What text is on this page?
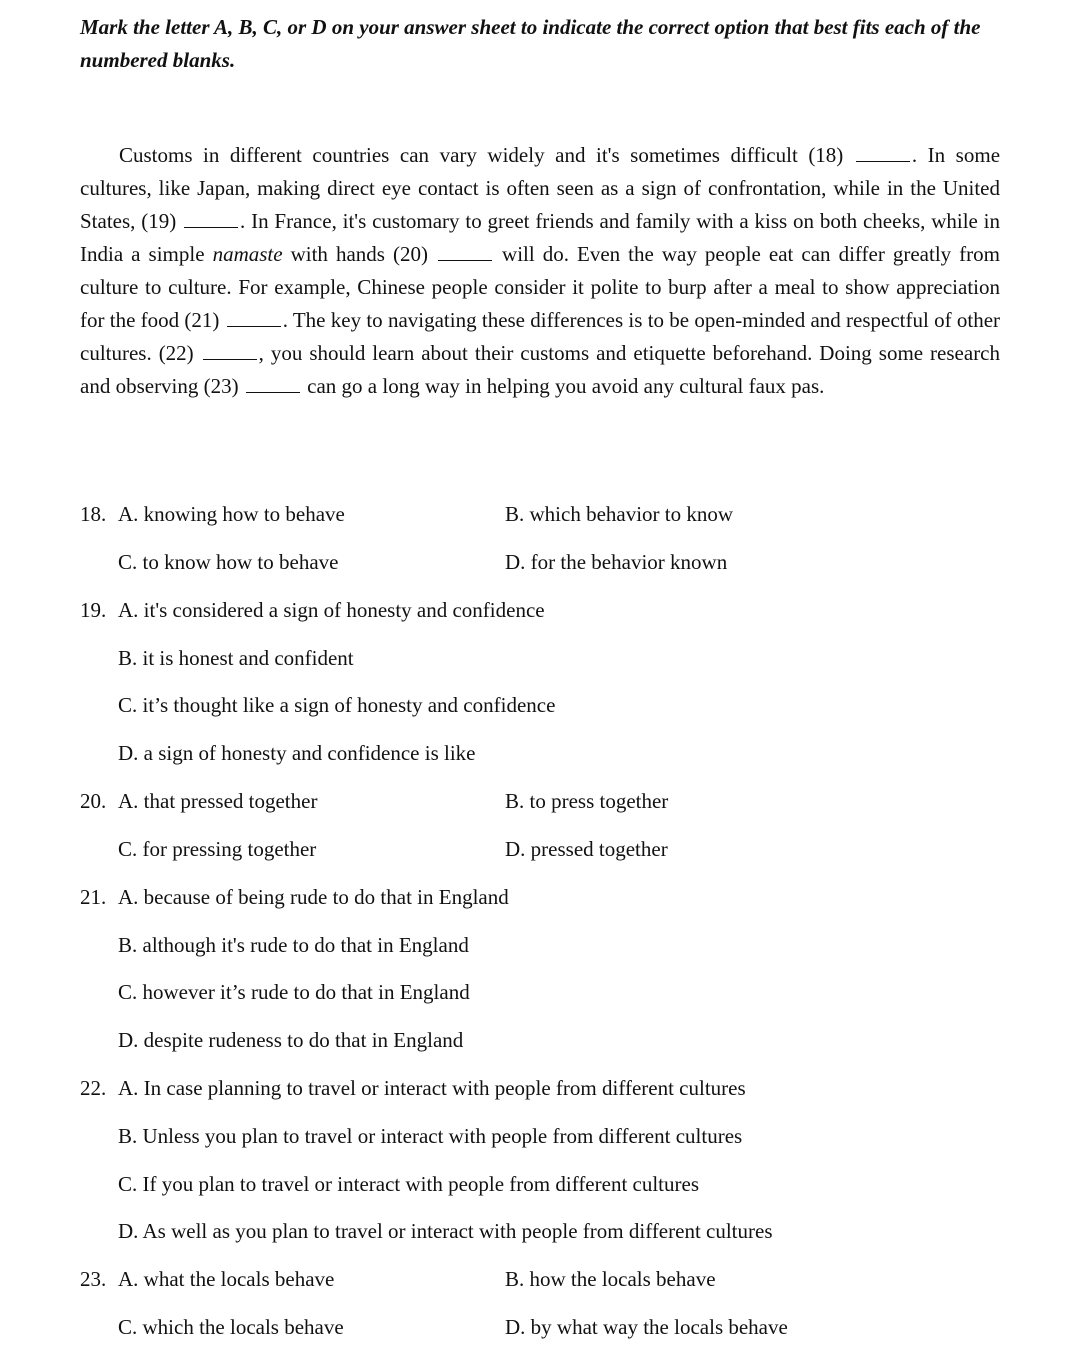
Mark the letter A, B, C, or D on your answer sheet to indicate the correct option that best fits each of the numbered blanks.

Customs in different countries can vary widely and it's sometimes difficult (18)	. In some cultures, like Japan, making direct eye contact is often seen as a sign of confrontation, while in the United States, (19)	. In France, it's customary to greet friends and family with a kiss on both cheeks, while in India a simple namaste with hands (20)	will do. Even the way people eat can differ greatly from culture to culture. For example, Chinese people consider it polite to burp after a meal to show appreciation for the food (21)	. The key to navigating these differences is to be open-minded and respectful of other cultures. (22)	, you should learn about their customs and etiquette beforehand. Doing some research and observing (23)	can go a long way in helping you avoid any cultural faux pas.

18. A. knowing how to behave	B. which behavior to know
C. to know how to behave	D. for the behavior known
19. A. it's considered a sign of honesty and confidence
B. it is honest and confident
C. it’s thought like a sign of honesty and confidence
D. a sign of honesty and confidence is like
20. A. that pressed together	B. to press together
C. for pressing together	D. pressed together
21. A. because of being rude to do that in England
B. although it's rude to do that in England
C. however it’s rude to do that in England
D. despite rudeness to do that in England
22. A. In case planning to travel or interact with people from different cultures
B. Unless you plan to travel or interact with people from different cultures
C. If you plan to travel or interact with people from different cultures
D. As well as you plan to travel or interact with people from different cultures
23. A. what the locals behave	B. how the locals behave
C. which the locals behave	D. by what way the locals behave
